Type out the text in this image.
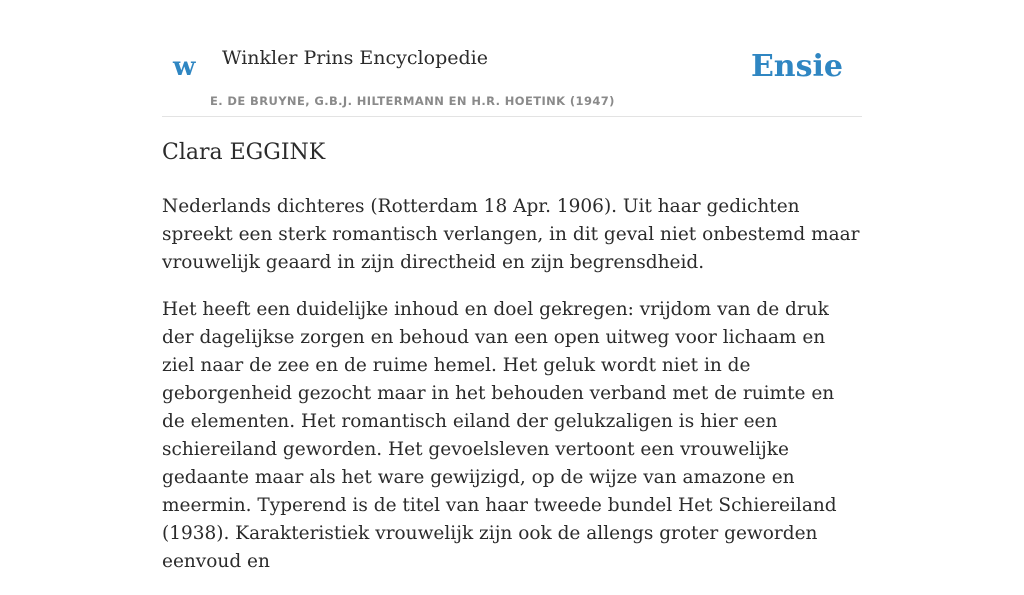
w Winkler Prins Encyclopedie
E. DE BRUYNE, G.B.J. HILTERMANN EN H.R. HOETINK (1947)
Ensie
Clara EGGINK

Nederlands dichteres (Rotterdam 18 Apr. 1906). Uit haar gedichten spreekt een sterk romantisch verlangen, in dit geval niet onbestemd maar vrouwelijk geaard in zijn directheid en zijn begrensdheid.

Het heeft een duidelijke inhoud en doel gekregen: vrijdom van de druk der dagelijkse zorgen en behoud van een open uitweg voor lichaam en ziel naar de zee en de ruime hemel. Het geluk wordt niet in de geborgenheid gezocht maar in het behouden verband met de ruimte en de elementen. Het romantisch eiland der gelukzaligen is hier een schiereiland geworden. Het gevoelsleven vertoont een vrouwelijke gedaante maar als het ware gewijzigd, op de wijze van amazone en meermin. Typerend is de titel van haar tweede bundel Het Schiereiland (1938). Karakteristiek vrouwelijk zijn ook de allengs groter geworden eenvoud en
